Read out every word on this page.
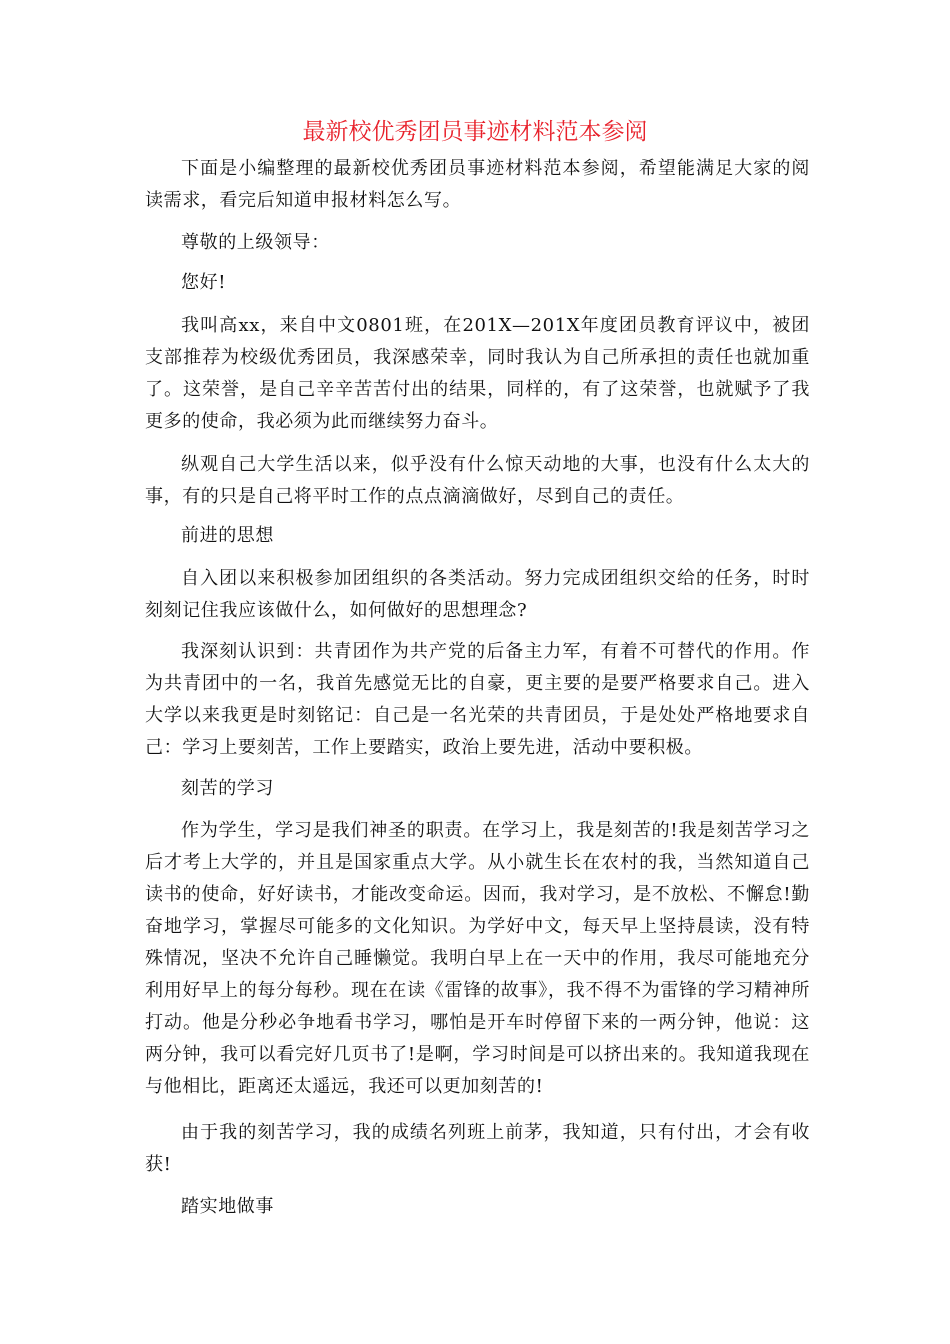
最新校优秀团员事迹材料范本参阅

下面是小编整理的最新校优秀团员事迹材料范本参阅，希望能满足大家的阅读需求，看完后知道申报材料怎么写。

尊敬的上级领导：

您好!

我叫高xx，来自中文0801班，在201X—201X年度团员教育评议中，被团支部推荐为校级优秀团员，我深感荣幸，同时我认为自己所承担的责任也就加重了。这荣誉，是自己辛辛苦苦付出的结果，同样的，有了这荣誉，也就赋予了我更多的使命，我必须为此而继续努力奋斗。

纵观自己大学生活以来，似乎没有什么惊天动地的大事，也没有什么太大的事，有的只是自己将平时工作的点点滴滴做好，尽到自己的责任。

前进的思想

自入团以来积极参加团组织的各类活动。努力完成团组织交给的任务，时时刻刻记住我应该做什么，如何做好的思想理念?

我深刻认识到：共青团作为共产党的后备主力军，有着不可替代的作用。作为共青团中的一名，我首先感觉无比的自豪，更主要的是要严格要求自己。进入大学以来我更是时刻铭记：自己是一名光荣的共青团员，于是处处严格地要求自己：学习上要刻苦，工作上要踏实，政治上要先进，活动中要积极。

刻苦的学习

作为学生，学习是我们神圣的职责。在学习上，我是刻苦的!我是刻苦学习之后才考上大学的，并且是国家重点大学。从小就生长在农村的我，当然知道自己读书的使命，好好读书，才能改变命运。因而，我对学习，是不放松、不懈怠!勤奋地学习，掌握尽可能多的文化知识。为学好中文，每天早上坚持晨读，没有特殊情况，坚决不允许自己睡懒觉。我明白早上在一天中的作用，我尽可能地充分利用好早上的每分每秒。现在在读《雷锋的故事》，我不得不为雷锋的学习精神所打动。他是分秒必争地看书学习，哪怕是开车时停留下来的一两分钟，他说：这两分钟，我可以看完好几页书了!是啊，学习时间是可以挤出来的。我知道我现在与他相比，距离还太遥远，我还可以更加刻苦的!

由于我的刻苦学习，我的成绩名列班上前茅，我知道，只有付出，才会有收获!

踏实地做事
